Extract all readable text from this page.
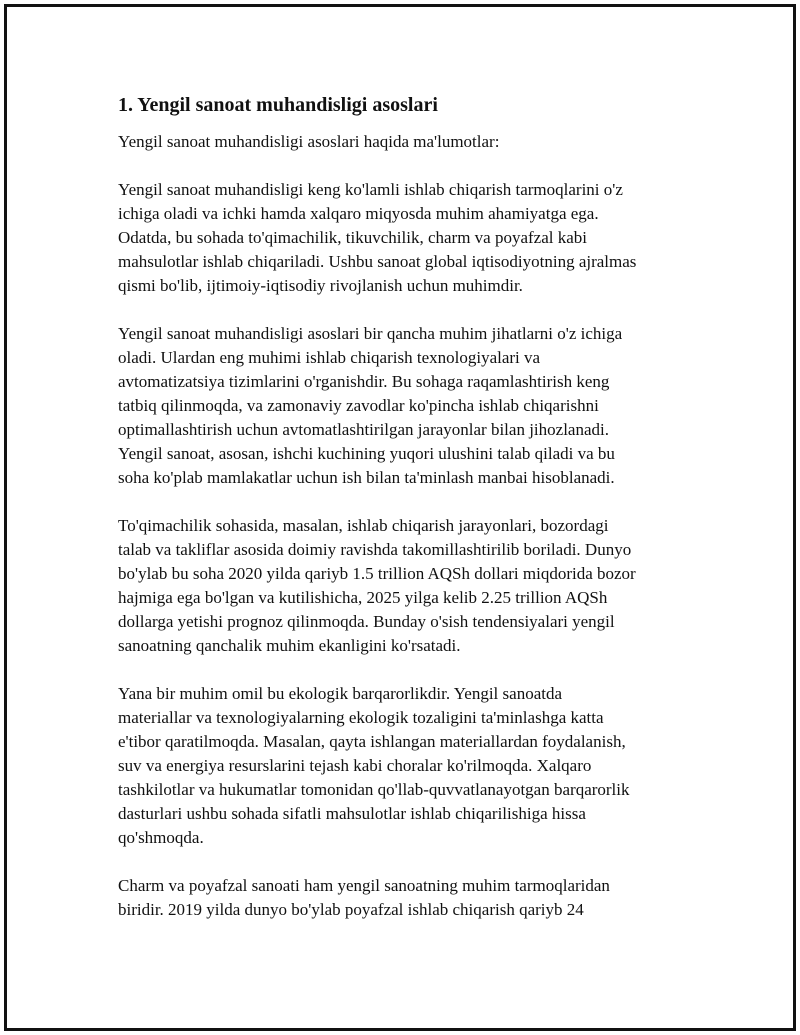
1. Yengil sanoat muhandisligi asoslari

Yengil sanoat muhandisligi asoslari haqida ma'lumotlar:

Yengil sanoat muhandisligi keng ko'lamli ishlab chiqarish tarmoqlarini o'z
ichiga oladi va ichki hamda xalqaro miqyosda muhim ahamiyatga ega.
Odatda, bu sohada to'qimachilik, tikuvchilik, charm va poyafzal kabi
mahsulotlar ishlab chiqariladi. Ushbu sanoat global iqtisodiyotning ajralmas
qismi bo'lib, ijtimoiy-iqtisodiy rivojlanish uchun muhimdir.
Yengil sanoat muhandisligi asoslari bir qancha muhim jihatlarni o'z ichiga
oladi. Ulardan eng muhimi ishlab chiqarish texnologiyalari va
avtomatizatsiya tizimlarini o'rganishdir. Bu sohaga raqamlashtirish keng
tatbiq qilinmoqda, va zamonaviy zavodlar ko'pincha ishlab chiqarishni
optimallashtirish uchun avtomatlashtirilgan jarayonlar bilan jihozlanadi.
Yengil sanoat, asosan, ishchi kuchining yuqori ulushini talab qiladi va bu
soha ko'plab mamlakatlar uchun ish bilan ta'minlash manbai hisoblanadi.
To'qimachilik sohasida, masalan, ishlab chiqarish jarayonlari, bozordagi
talab va takliflar asosida doimiy ravishda takomillashtirilib boriladi. Dunyo
bo'ylab bu soha 2020 yilda qariyb 1.5 trillion AQSh dollari miqdorida bozor
hajmiga ega bo'lgan va kutilishicha, 2025 yilga kelib 2.25 trillion AQSh
dollarga yetishi prognoz qilinmoqda. Bunday o'sish tendensiyalari yengil
sanoatning qanchalik muhim ekanligini ko'rsatadi.
Yana bir muhim omil bu ekologik barqarorlikdir. Yengil sanoatda
materiallar va texnologiyalarning ekologik tozaligini ta'minlashga katta
e'tibor qaratilmoqda. Masalan, qayta ishlangan materiallardan foydalanish,
suv va energiya resurslarini tejash kabi choralar ko'rilmoqda. Xalqaro
tashkilotlar va hukumatlar tomonidan qo'llab-quvvatlanayotgan barqarorlik
dasturlari ushbu sohada sifatli mahsulotlar ishlab chiqarilishiga hissa
qo'shmoqda.
Charm va poyafzal sanoati ham yengil sanoatning muhim tarmoqlaridan
biridir. 2019 yilda dunyo bo'ylab poyafzal ishlab chiqarish qariyb 24
